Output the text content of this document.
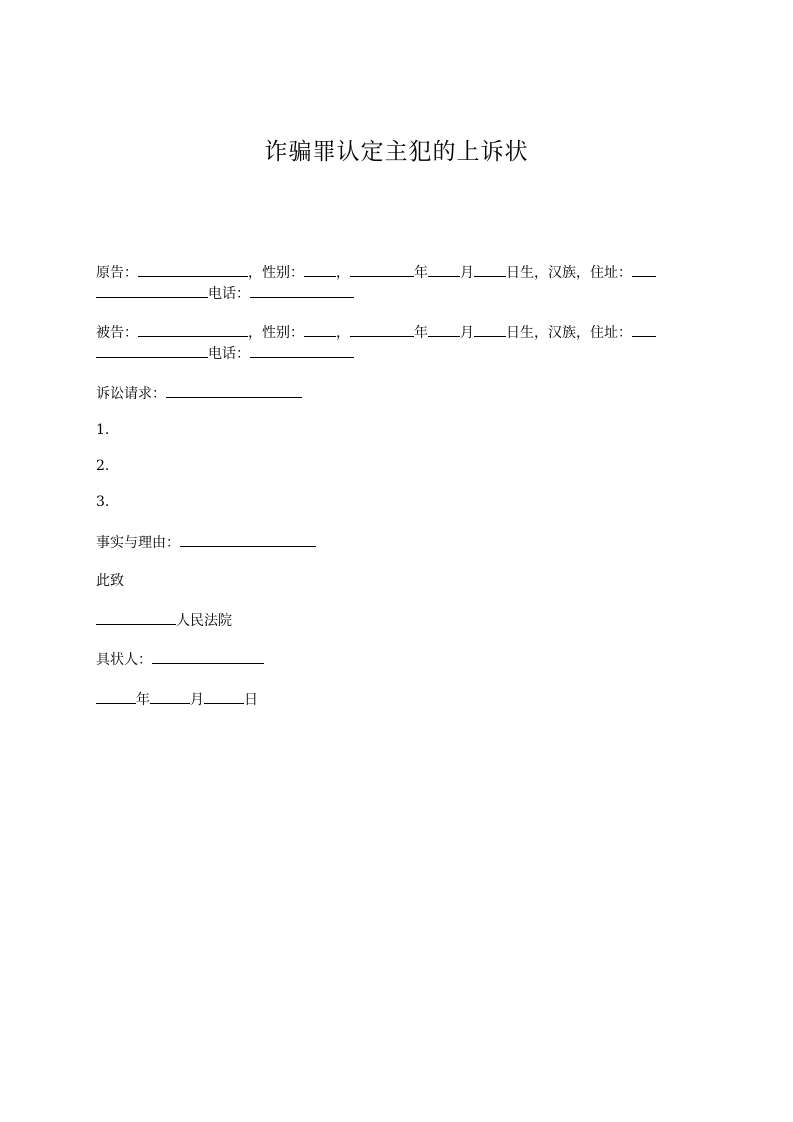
诈骗罪认定主犯的上诉状
原告：	，性别： ，	年 月 日生，汉族，住址：
电话：
被告：	，性别： ，	年 月 日生，汉族，住址：
电话：
诉讼请求：
1.
2.
3.
事实与理由：
此致
人民法院
具状人：
年	月	日
